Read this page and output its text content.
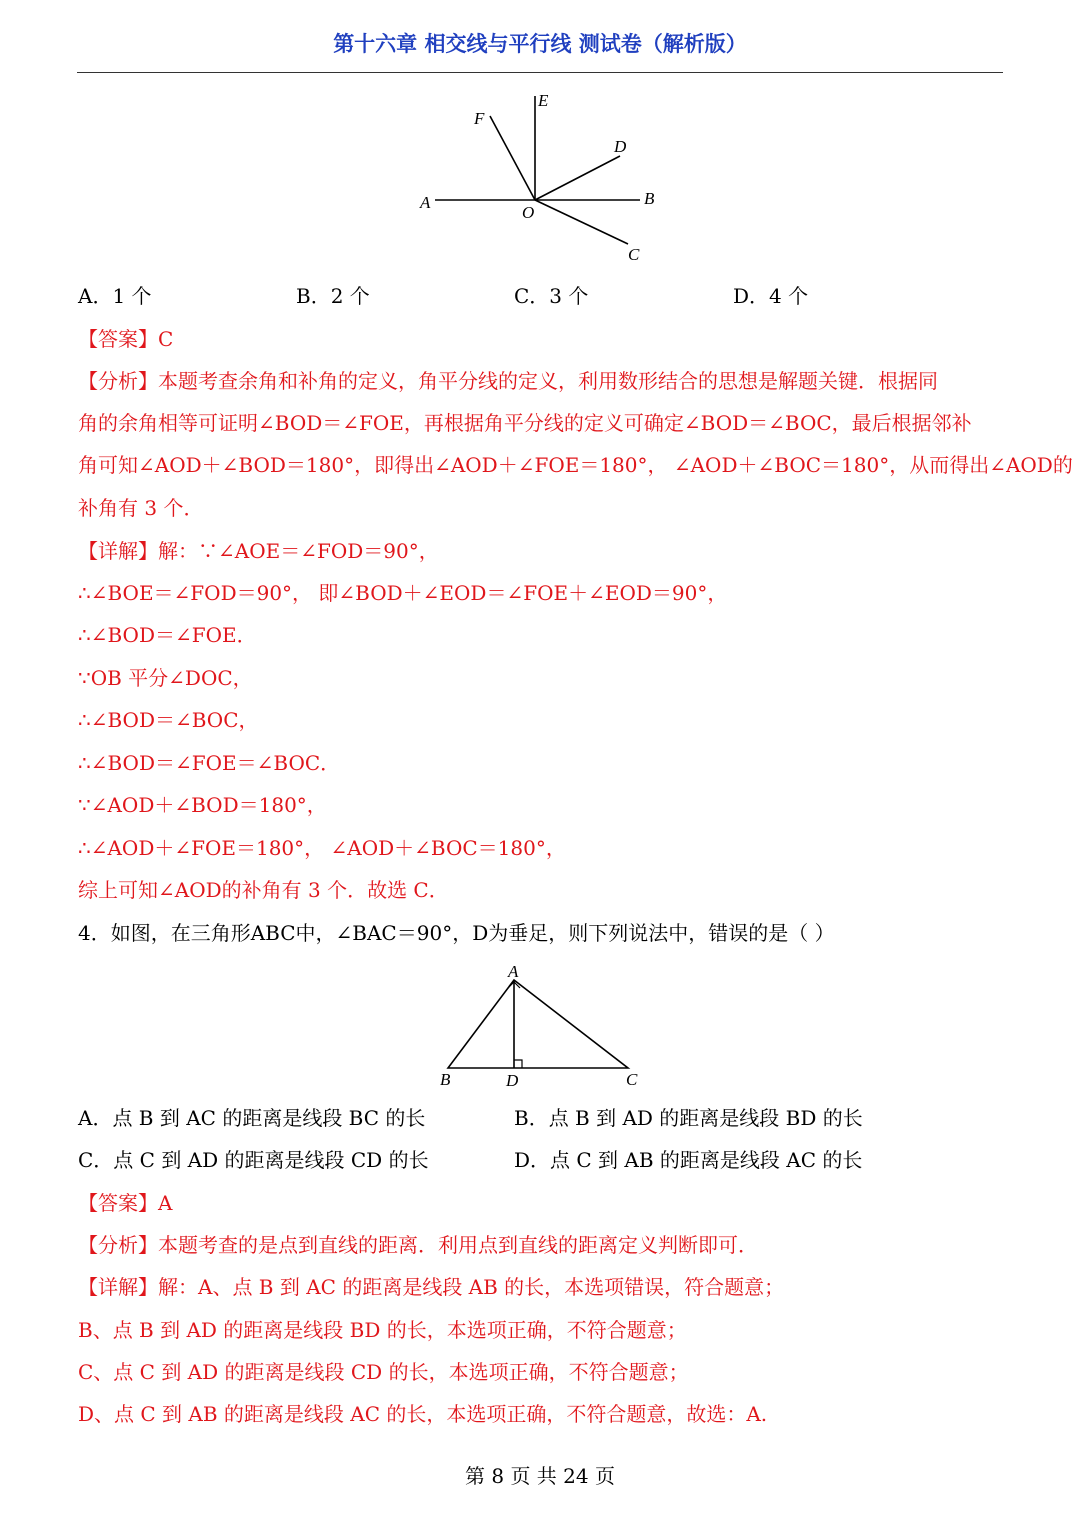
第十六章 相交线与平行线 测试卷（解析版）
A	B
C
D
E
F
O
A．1 个	B．2 个	C．3 个	D．4 个
【答案】C
【分析】本题考查余角和补角的定义，角平分线的定义，利用数形结合的思想是解题关键．根据同
角的余角相等可证明∠BOD＝∠FOE，再根据角平分线的定义可确定∠BOD＝∠BOC，最后根据邻补
角可知∠AOD＋∠BOD＝180°，即得出∠AOD＋∠FOE＝180°， ∠AOD＋∠BOC＝180°，从而得出∠AOD的
补角有 3 个．
【详解】解：∵∠AOE＝∠FOD＝90°，
∴∠BOE＝∠FOD＝90°， 即∠BOD＋∠EOD＝∠FOE＋∠EOD＝90°，
∴∠BOD＝∠FOE．
∵OB 平分∠DOC，
∴∠BOD＝∠BOC，
∴∠BOD＝∠FOE＝∠BOC．
∵∠AOD＋∠BOD＝180°，
∴∠AOD＋∠FOE＝180°， ∠AOD＋∠BOC＝180°，
综上可知∠AOD的补角有 3 个．故选 C．
4．如图，在三角形ABC中，∠BAC＝90°，D为垂足，则下列说法中，错误的是（ ）
A
B	D	C
A．点 B 到 AC 的距离是线段 BC 的长	B．点 B 到 AD 的距离是线段 BD 的长
C．点 C 到 AD 的距离是线段 CD 的长	D．点 C 到 AB 的距离是线段 AC 的长
【答案】A
【分析】本题考查的是点到直线的距离．利用点到直线的距离定义判断即可．
【详解】解：A、点 B 到 AC 的距离是线段 AB 的长，本选项错误，符合题意；
B、点 B 到 AD 的距离是线段 BD 的长，本选项正确，不符合题意；
C、点 C 到 AD 的距离是线段 CD 的长，本选项正确，不符合题意；
D、点 C 到 AB 的距离是线段 AC 的长，本选项正确，不符合题意，故选：A.
第 8 页 共 24 页
